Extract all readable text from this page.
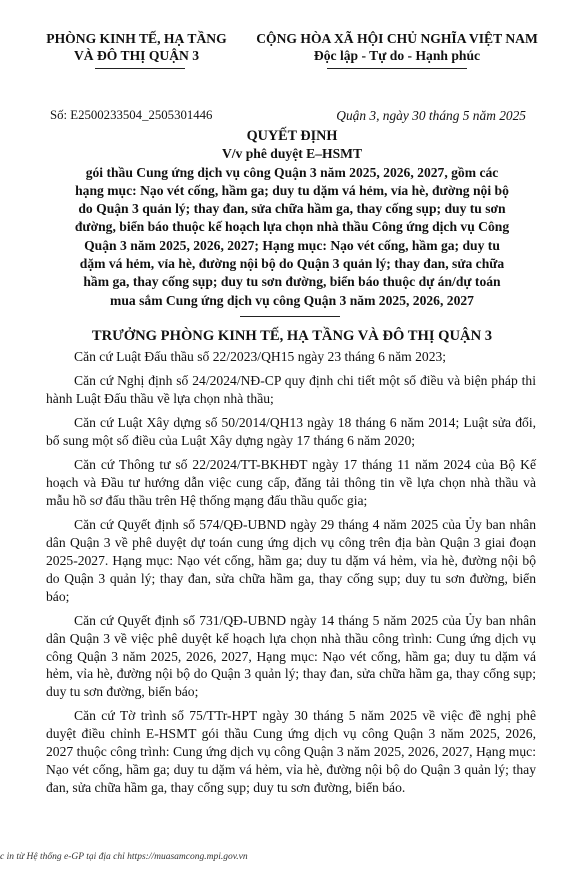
PHÒNG KINH TẾ, HẠ TẦNG
VÀ ĐÔ THỊ QUẬN 3
CỘNG HÒA XÃ HỘI CHỦ NGHĨA VIỆT NAM
Độc lập - Tự do - Hạnh phúc
Số: E2500233504_2505301446	Quận 3, ngày 30 tháng 5 năm 2025
QUYẾT ĐỊNH
V/v phê duyệt E–HSMT
gói thầu Cung ứng dịch vụ công Quận 3 năm 2025, 2026, 2027, gồm các
hạng mục: Nạo vét cống, hầm ga; duy tu dặm vá hẻm, vỉa hè, đường nội bộ
do Quận 3 quản lý; thay đan, sửa chữa hầm ga, thay cống sụp; duy tu sơn
đường, biển báo thuộc kế hoạch lựa chọn nhà thầu Công ứng dịch vụ Công
Quận 3 năm 2025, 2026, 2027; Hạng mục: Nạo vét cống, hầm ga; duy tu
dặm vá hẻm, vỉa hè, đường nội bộ do Quận 3 quản lý; thay đan, sửa chữa
hầm ga, thay cống sụp; duy tu sơn đường, biển báo thuộc dự án/dự toán
mua sắm Cung ứng dịch vụ công Quận 3 năm 2025, 2026, 2027
TRƯỞNG PHÒNG KINH TẾ, HẠ TẦNG VÀ ĐÔ THỊ QUẬN 3

Căn cứ Luật Đấu thầu số 22/2023/QH15 ngày 23 tháng 6 năm 2023;

Căn cứ Nghị định số 24/2024/NĐ-CP quy định chi tiết một số điều và biện pháp thi hành Luật Đấu thầu về lựa chọn nhà thầu;

Căn cứ Luật Xây dựng số 50/2014/QH13 ngày 18 tháng 6 năm 2014; Luật sửa đổi, bổ sung một số điều của Luật Xây dựng ngày 17 tháng 6 năm 2020;

Căn cứ Thông tư số 22/2024/TT-BKHĐT ngày 17 tháng 11 năm 2024 của Bộ Kế hoạch và Đầu tư hướng dẫn việc cung cấp, đăng tải thông tin về lựa chọn nhà thầu và mẫu hồ sơ đấu thầu trên Hệ thống mạng đấu thầu quốc gia;

Căn cứ Quyết định số 574/QĐ-UBND ngày 29 tháng 4 năm 2025 của Ủy ban nhân dân Quận 3 về phê duyệt dự toán cung ứng dịch vụ công trên địa bàn Quận 3 giai đoạn 2025-2027. Hạng mục: Nạo vét cống, hầm ga; duy tu dặm vá hẻm, vỉa hè, đường nội bộ do Quận 3 quản lý; thay đan, sửa chữa hầm ga, thay cống sụp; duy tu sơn đường, biển báo;

Căn cứ Quyết định số 731/QĐ-UBND ngày 14 tháng 5 năm 2025 của Ủy ban nhân dân Quận 3 về việc phê duyệt kế hoạch lựa chọn nhà thầu công trình: Cung ứng dịch vụ công Quận 3 năm 2025, 2026, 2027, Hạng mục: Nạo vét cống, hầm ga; duy tu dặm vá hẻm, vỉa hè, đường nội bộ do Quận 3 quản lý; thay đan, sửa chữa hầm ga, thay cống sụp; duy tu sơn đường, biển báo;

Căn cứ Tờ trình số 75/TTr-HPT ngày 30 tháng 5 năm 2025 về việc đề nghị phê duyệt điều chỉnh E-HSMT gói thầu Cung ứng dịch vụ công Quận 3 năm 2025, 2026, 2027 thuộc công trình: Cung ứng dịch vụ công Quận 3 năm 2025, 2026, 2027, Hạng mục: Nạo vét cống, hầm ga; duy tu dặm vá hẻm, vỉa hè, đường nội bộ do Quận 3 quản lý; thay đan, sửa chữa hầm ga, thay cống sụp; duy tu sơn đường, biển báo.

c in từ Hệ thống e-GP tại địa chỉ https://muasamcong.mpi.gov.vn
